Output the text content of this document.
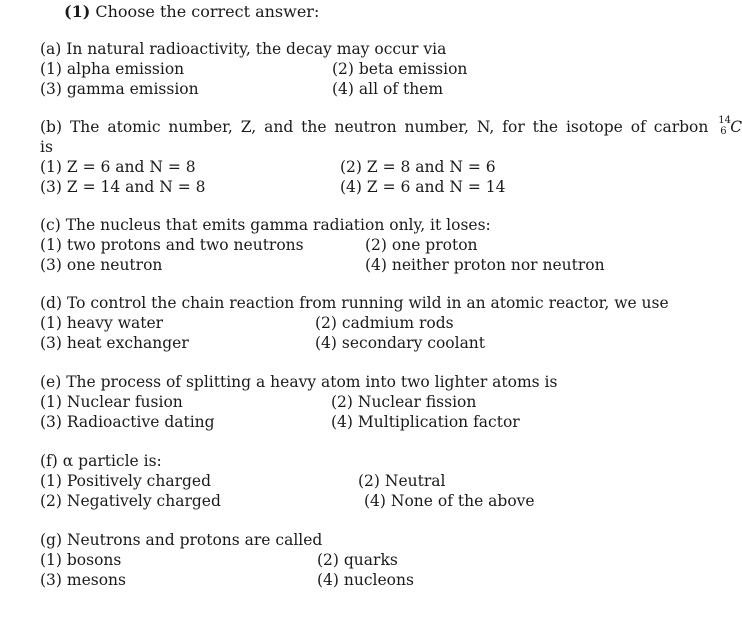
(1) Choose the correct answer:
(a) In natural radioactivity, the decay may occur via
(1) alpha emission	(2) beta emission
(3) gamma emission	(4) all of them
(b) The atomic number, Z, and the neutron number, N, for the isotope of carbon 14
6 C
is
(1) Z = 6 and N = 8	(2) Z = 8 and N = 6
(3) Z = 14 and N = 8	(4) Z = 6 and N = 14
(c) The nucleus that emits gamma radiation only, it loses:
(1) two protons and two neutrons	(2) one proton
(3) one neutron	(4) neither proton nor neutron
(d) To control the chain reaction from running wild in an atomic reactor, we use
(1) heavy water	(2) cadmium rods
(3) heat exchanger	(4) secondary coolant
(e) The process of splitting a heavy atom into two lighter atoms is
(1) Nuclear fusion	(2) Nuclear fission
(3) Radioactive dating	(4) Multiplication factor
(f) α particle is:
(1) Positively charged	(2) Neutral
(2) Negatively charged	(4) None of the above
(g) Neutrons and protons are called
(1) bosons	(2) quarks
(3) mesons	(4) nucleons
